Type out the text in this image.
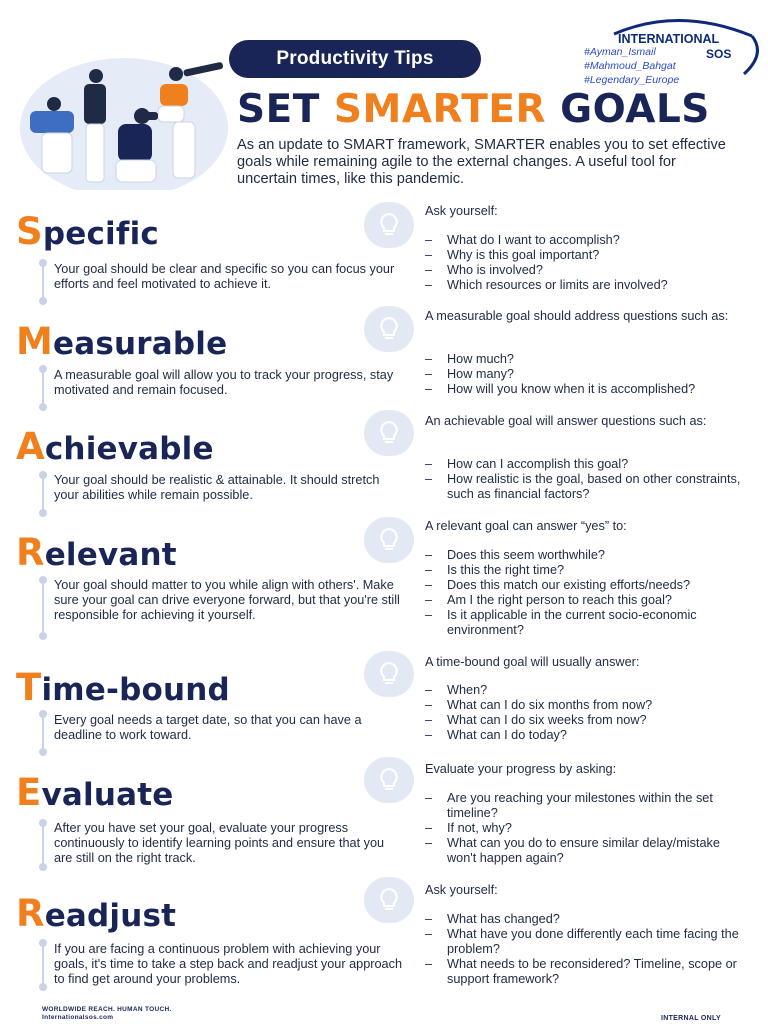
Productivity Tips
SET SMARTER GOALS
As an update to SMART framework, SMARTER enables you to set effective goals while remaining agile to the external changes. A useful tool for uncertain times, like this pandemic.
INTERNATIONAL
SOS
#Ayman_Ismail
#Mahmoud_Bahgat
#Legendary_Europe
Specific
Your goal should be clear and specific so you can focus your efforts and feel motivated to achieve it.
Ask yourself:
– What do I want to accomplish?
– Why is this goal important?
– Who is involved?
– Which resources or limits are involved?
Measurable
A measurable goal will allow you to track your progress, stay motivated and remain focused.
A measurable goal should address questions such as:
– How much?
– How many?
– How will you know when it is accomplished?
Achievable
Your goal should be realistic & attainable. It should stretch your abilities while remain possible.
An achievable goal will answer questions such as:
– How can I accomplish this goal?
– How realistic is the goal, based on other constraints, such as financial factors?
Relevant
Your goal should matter to you while align with others'. Make sure your goal can drive everyone forward, but that you're still responsible for achieving it yourself.
A relevant goal can answer “yes” to:
– Does this seem worthwhile?
– Is this the right time?
– Does this match our existing efforts/needs?
– Am I the right person to reach this goal?
– Is it applicable in the current socio-economic environment?
Time-bound
Every goal needs a target date, so that you can have a deadline to work toward.
A time-bound goal will usually answer:
– When?
– What can I do six months from now?
– What can I do six weeks from now?
– What can I do today?
Evaluate
After you have set your goal, evaluate your progress continuously to identify learning points and ensure that you are still on the right track.
Evaluate your progress by asking:
– Are you reaching your milestones within the set timeline?
– If not, why?
– What can you do to ensure similar delay/mistake won't happen again?
Readjust
If you are facing a continuous problem with achieving your goals, it's time to take a step back and readjust your approach to find get around your problems.
Ask yourself:
– What has changed?
– What have you done differently each time facing the problem?
– What needs to be reconsidered? Timeline, scope or support framework?
WORLDWIDE REACH. HUMAN TOUCH.
Internationalsos.com	INTERNAL ONLY
